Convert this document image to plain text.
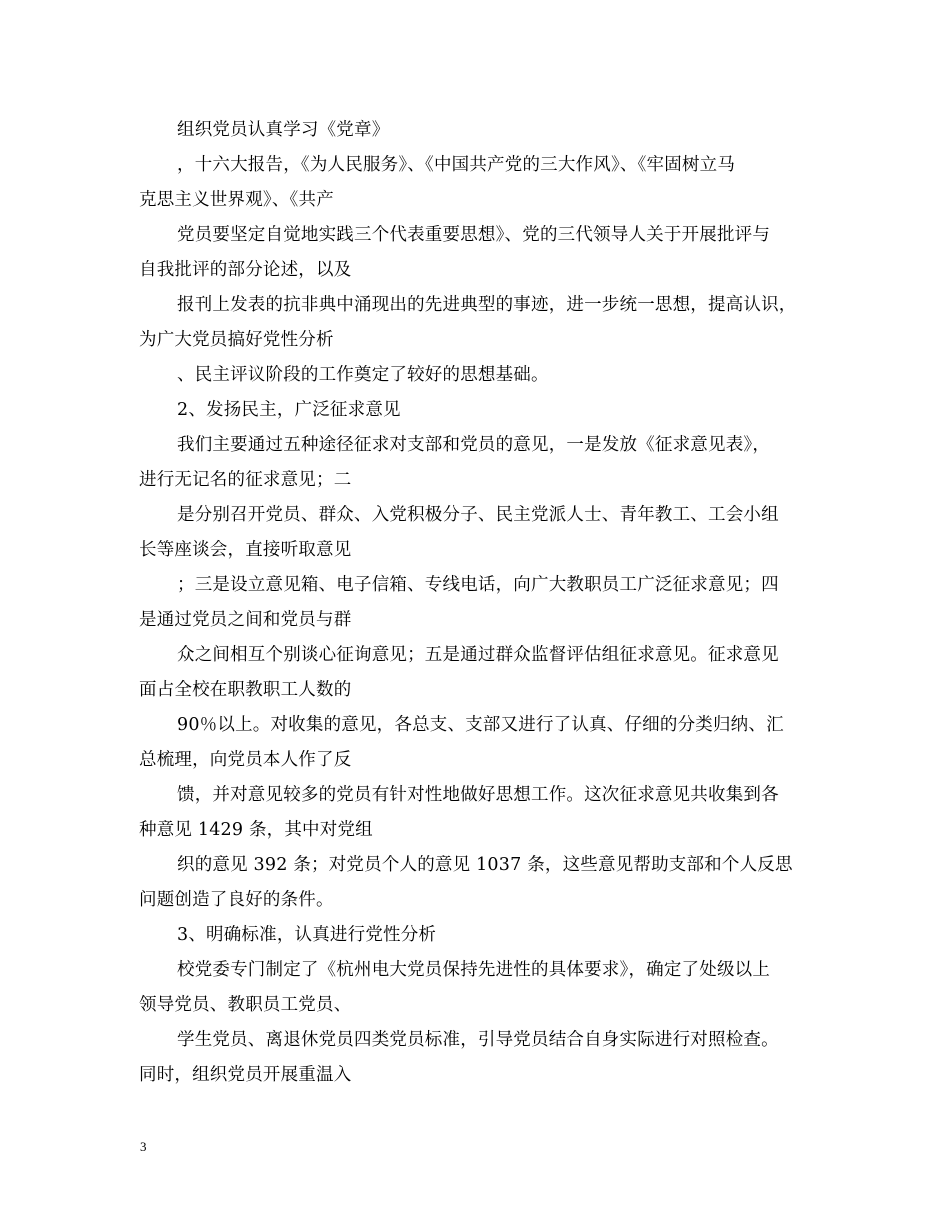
组织党员认真学习《党章》
，十六大报告，《为人民服务》、《中国共产党的三大作风》、《牢固树立马
克思主义世界观》、《共产
党员要坚定自觉地实践三个代表重要思想》、党的三代领导人关于开展批评与
自我批评的部分论述，以及
报刊上发表的抗非典中涌现出的先进典型的事迹，进一步统一思想，提高认识，
为广大党员搞好党性分析
、民主评议阶段的工作奠定了较好的思想基础。
2、发扬民主，广泛征求意见
我们主要通过五种途径征求对支部和党员的意见，一是发放《征求意见表》，
进行无记名的征求意见；二
是分别召开党员、群众、入党积极分子、民主党派人士、青年教工、工会小组
长等座谈会，直接听取意见
；三是设立意见箱、电子信箱、专线电话，向广大教职员工广泛征求意见；四
是通过党员之间和党员与群
众之间相互个别谈心征询意见；五是通过群众监督评估组征求意见。征求意见
面占全校在职教职工人数的
90％以上。对收集的意见，各总支、支部又进行了认真、仔细的分类归纳、汇
总梳理，向党员本人作了反
馈，并对意见较多的党员有针对性地做好思想工作。这次征求意见共收集到各
种意见 1429 条，其中对党组
织的意见 392 条；对党员个人的意见 1037 条，这些意见帮助支部和个人反思
问题创造了良好的条件。
3、明确标准，认真进行党性分析
校党委专门制定了《杭州电大党员保持先进性的具体要求》，确定了处级以上
领导党员、教职员工党员、
学生党员、离退休党员四类党员标准，引导党员结合自身实际进行对照检查。
同时，组织党员开展重温入
3
